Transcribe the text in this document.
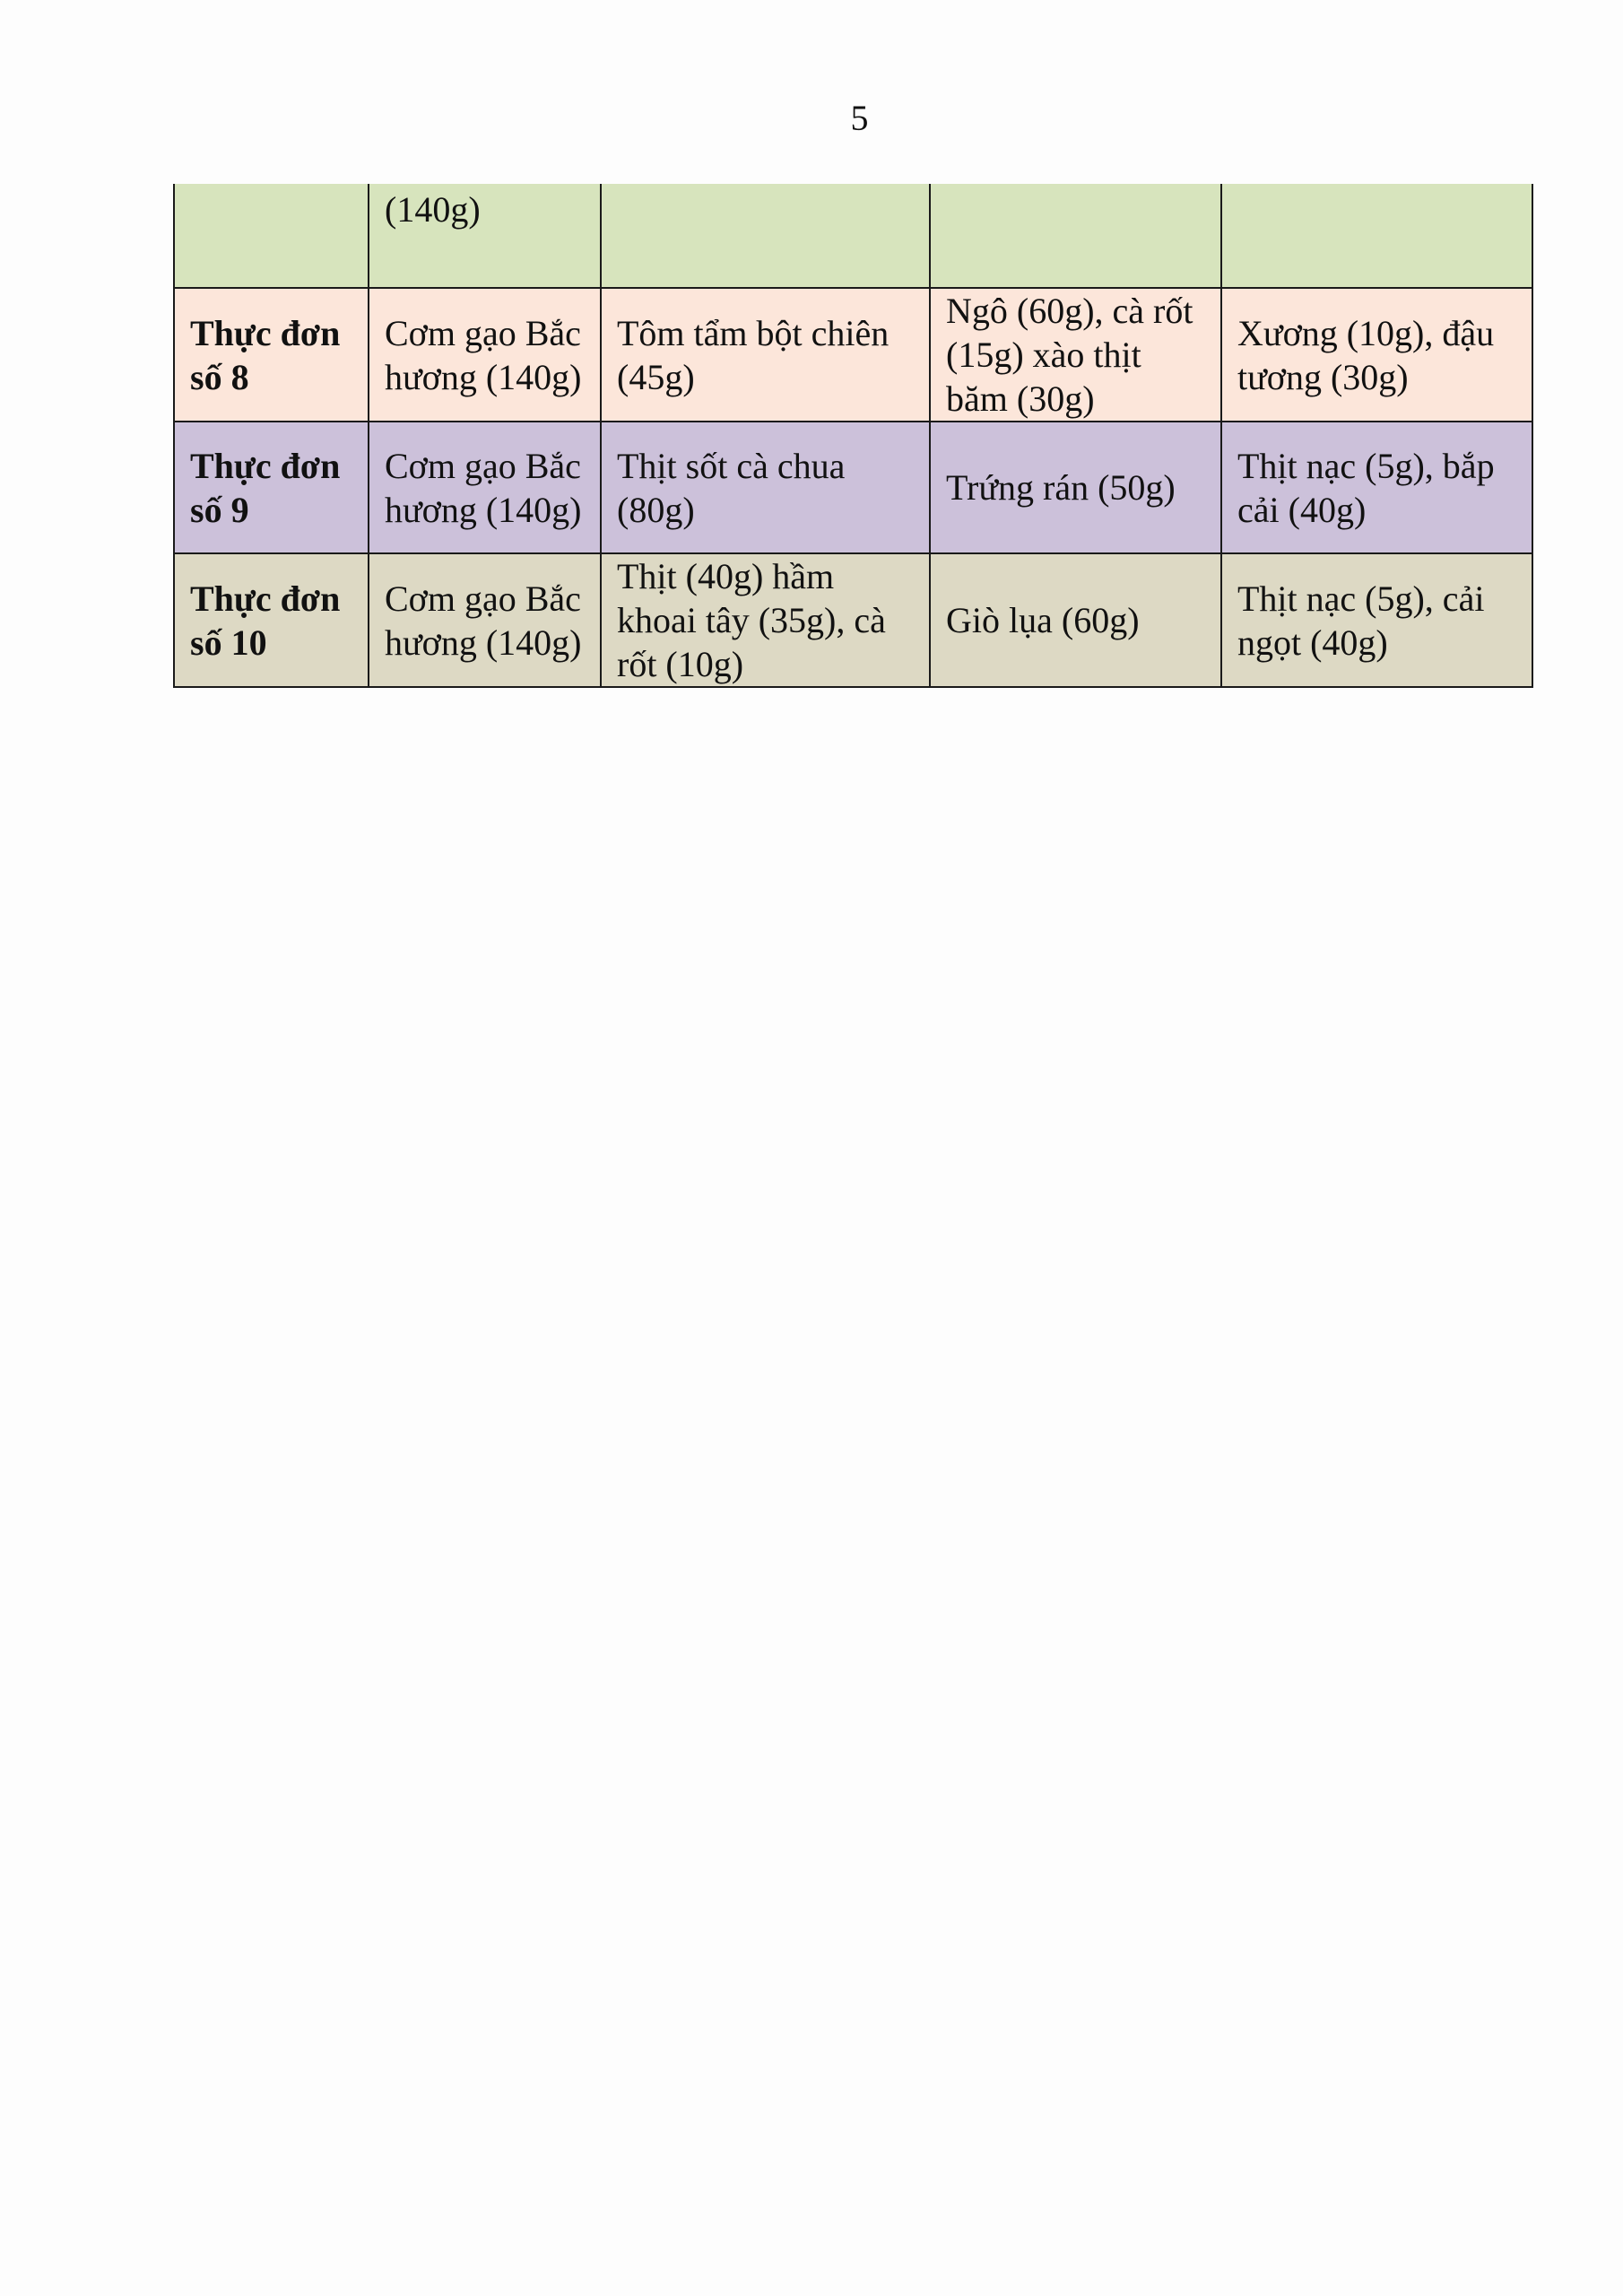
5
	(140g)			
Thực đơn số 8	Cơm gạo Bắc hương (140g)	Tôm tẩm bột chiên (45g)	Ngô (60g), cà rốt (15g) xào thịt băm (30g)	Xương (10g), đậu tương (30g)
Thực đơn số 9	Cơm gạo Bắc hương (140g)	Thịt sốt cà chua (80g)	Trứng rán (50g)	Thịt nạc (5g), bắp cải (40g)
Thực đơn số 10	Cơm gạo Bắc hương (140g)	Thịt (40g) hầm khoai tây (35g), cà rốt (10g)	Giò lụa (60g)	Thịt nạc (5g), cải ngọt (40g)
